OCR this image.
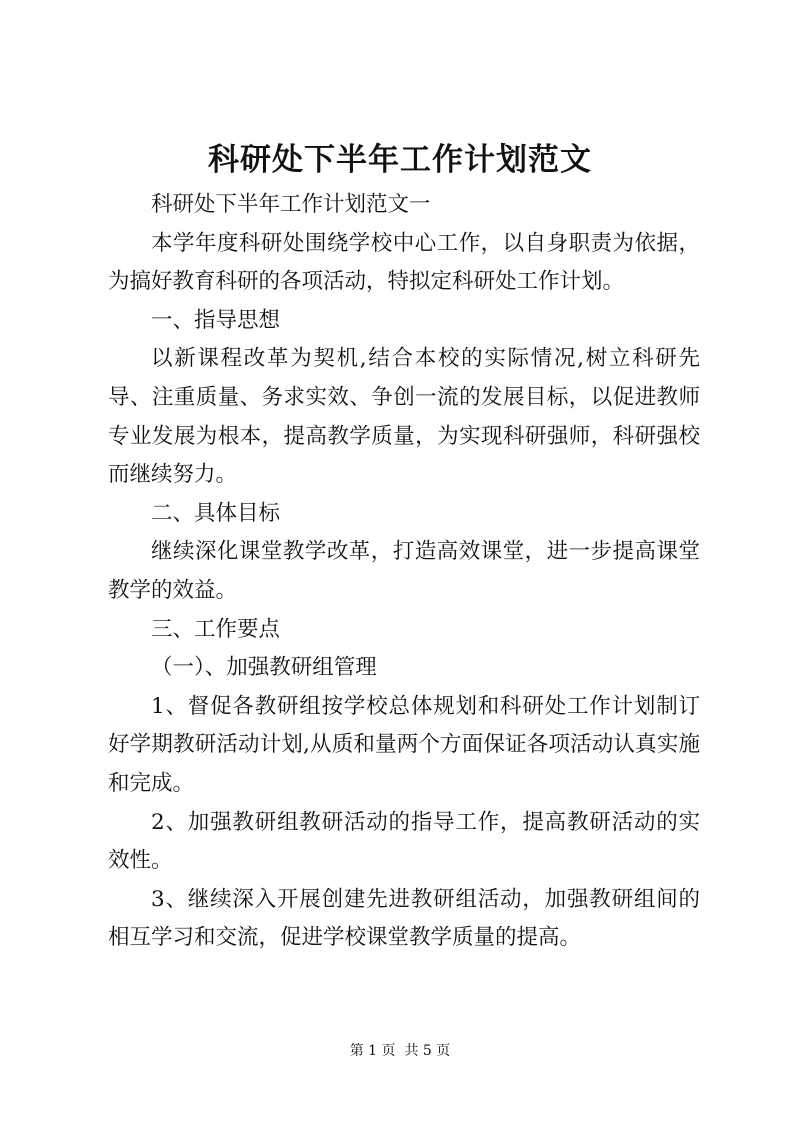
科研处下半年工作计划范文

科研处下半年工作计划范文一

本学年度科研处围绕学校中心工作，以自身职责为依据，为搞好教育科研的各项活动，特拟定科研处工作计划。

一、指导思想

以新课程改革为契机,结合本校的实际情况,树立科研先导、注重质量、务求实效、争创一流的发展目标，以促进教师专业发展为根本，提高教学质量，为实现科研强师，科研强校而继续努力。

二、具体目标

继续深化课堂教学改革，打造高效课堂，进一步提高课堂教学的效益。

三、工作要点

（一）、加强教研组管理

1、督促各教研组按学校总体规划和科研处工作计划制订好学期教研活动计划,从质和量两个方面保证各项活动认真实施和完成。

2、加强教研组教研活动的指导工作，提高教研活动的实效性。

3、继续深入开展创建先进教研组活动，加强教研组间的相互学习和交流，促进学校课堂教学质量的提高。

第 1 页  共 5 页
